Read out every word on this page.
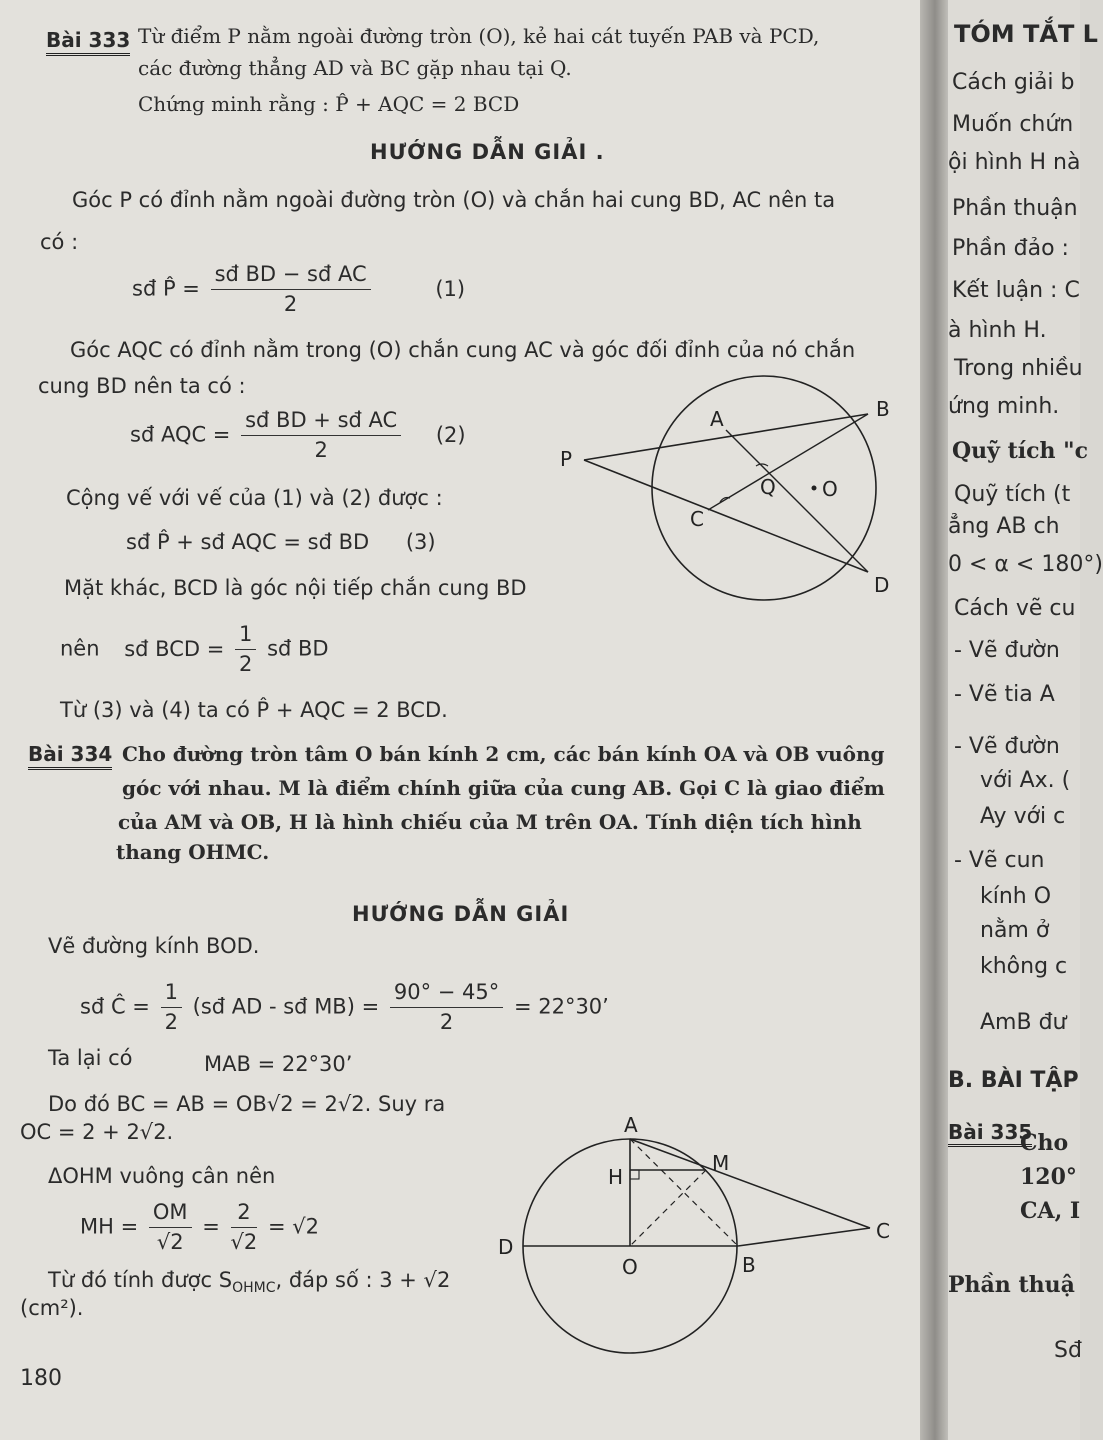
Bài 333 Từ điểm P nằm ngoài đường tròn (O), kẻ hai cát tuyến PAB và PCD,
các đường thẳng AD và BC gặp nhau tại Q.
Chứng minh rằng : P̂ + AQC = 2 BCD
HƯỚNG DẪN GIẢI .
Góc P có đỉnh nằm ngoài đường tròn (O) và chắn hai cung BD, AC nên ta
có :
sđ P̂ = $\frac{\text{sđ BD − sđ AC}}{2}$	(1)
Góc AQC có đỉnh nằm trong (O) chắn cung AC và góc đối đỉnh của nó chắn
cung BD nên ta có :
sđ AQC = $\frac{\text{sđ BD + sđ AC}}{2} (2)$
Cộng vế với vế của (1) và (2) được :
sđ P̂ + sđ AQC = sđ BD (3)
Mặt khác, BCD là góc nội tiếp chắn cung BD
nên sđ BCD = $\frac{1}{2}$ sđ BD
Từ (3) và (4) ta có P̂ + AQC = 2 BCD.
A	B
C
D
P
Q O
Bài 334 Cho đường tròn tâm O bán kính 2 cm, các bán kính OA và OB vuông
góc với nhau. M là điểm chính giữa của cung AB. Gọi C là giao điểm
của AM và OB, H là hình chiếu của M trên OA. Tính diện tích hình
thang OHMC.
HƯỚNG DẪN GIẢI
Vẽ đường kính BOD.
sđ Ĉ = $\frac{1}{2}$ (sđ AD - sđ $MB) = \frac{90^\circ - 45^\circ}{2} = 22^\circ 30$’
Ta lại có	MAB = 22°30’
Do đó BC = AB = OB√2 = 2√2. Suy ra
OC = 2 + 2√2.
ΔOHM vuông cân nên
MH = $\frac{OM}{√2} = \frac{2}{√2} = √2$
Từ đó tính được $S_{OHMC}$, đáp số : 3 + √2
(cm²).
180
A
H
M
C
D
O	B
TÓM TẮT L
Cách giải b
Muốn chứn
ội hình H nà
Phần thuận
Phần đảo :
Kết luận : C
à hình H.
Trong nhiều
ứng minh.
Quỹ tích "c
Quỹ tích (t
ẳng AB ch
0 < α < 180°)
Cách vẽ cu
- Vẽ đườn
- Vẽ tia A
- Vẽ đườn
với Ax. (
Ay với c
- Vẽ cun
kính O
nằm ở
không c
AmB đư
B. BÀI TẬP
Bài 335
Cho
120°
CA, I
Phần thuậ
Sđ
